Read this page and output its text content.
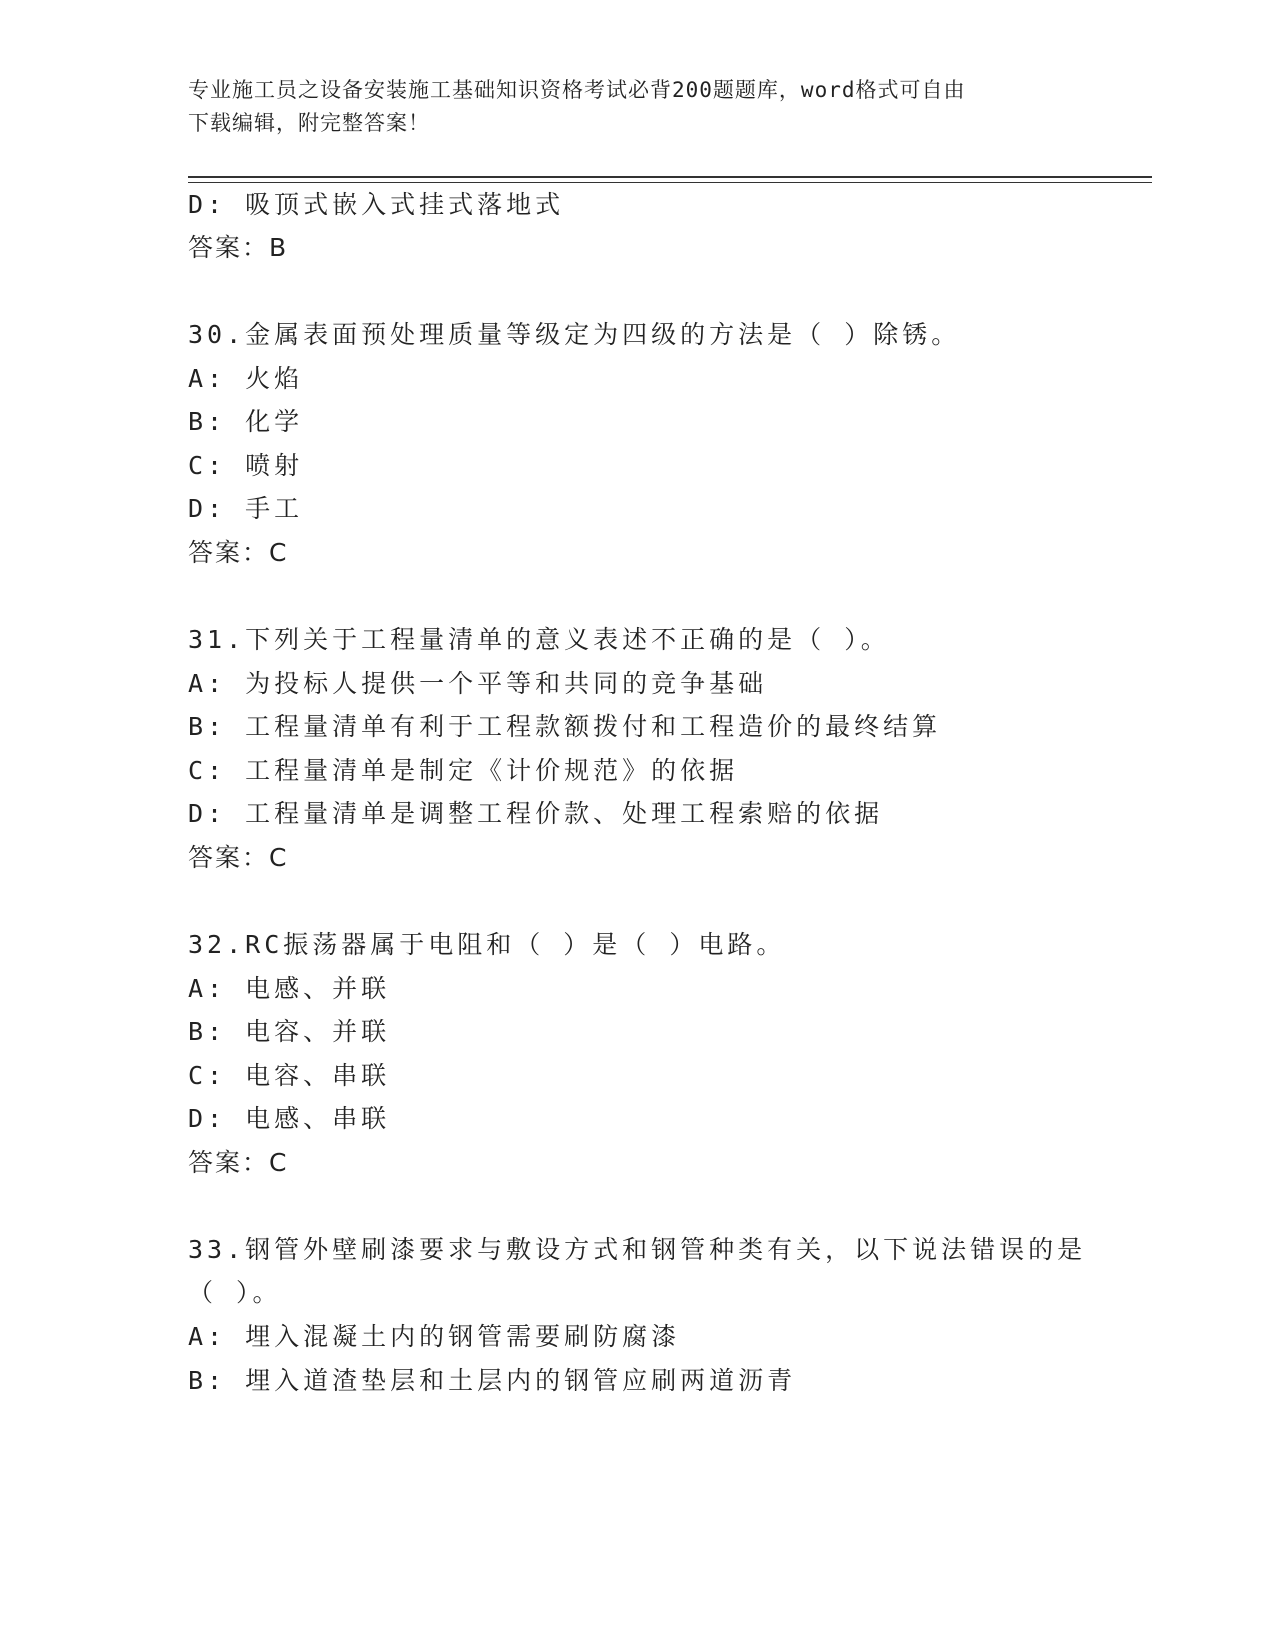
专业施工员之设备安装施工基础知识资格考试必背200题题库，word格式可自由
下载编辑，附完整答案！
D: 吸顶式嵌入式挂式落地式
答案：B
30.金属表面预处理质量等级定为四级的方法是（ ）除锈。
A: 火焰
B: 化学
C: 喷射
D: 手工
答案：C
31.下列关于工程量清单的意义表述不正确的是（ ）。
A: 为投标人提供一个平等和共同的竞争基础
B: 工程量清单有利于工程款额拨付和工程造价的最终结算
C: 工程量清单是制定《计价规范》的依据
D: 工程量清单是调整工程价款、处理工程索赔的依据
答案：C
32.RC振荡器属于电阻和（ ）是（ ）电路。
A: 电感、并联
B: 电容、并联
C: 电容、串联
D: 电感、串联
答案：C
33.钢管外壁刷漆要求与敷设方式和钢管种类有关，以下说法错误的是
（ ）。
A: 埋入混凝土内的钢管需要刷防腐漆
B: 埋入道渣垫层和土层内的钢管应刷两道沥青
